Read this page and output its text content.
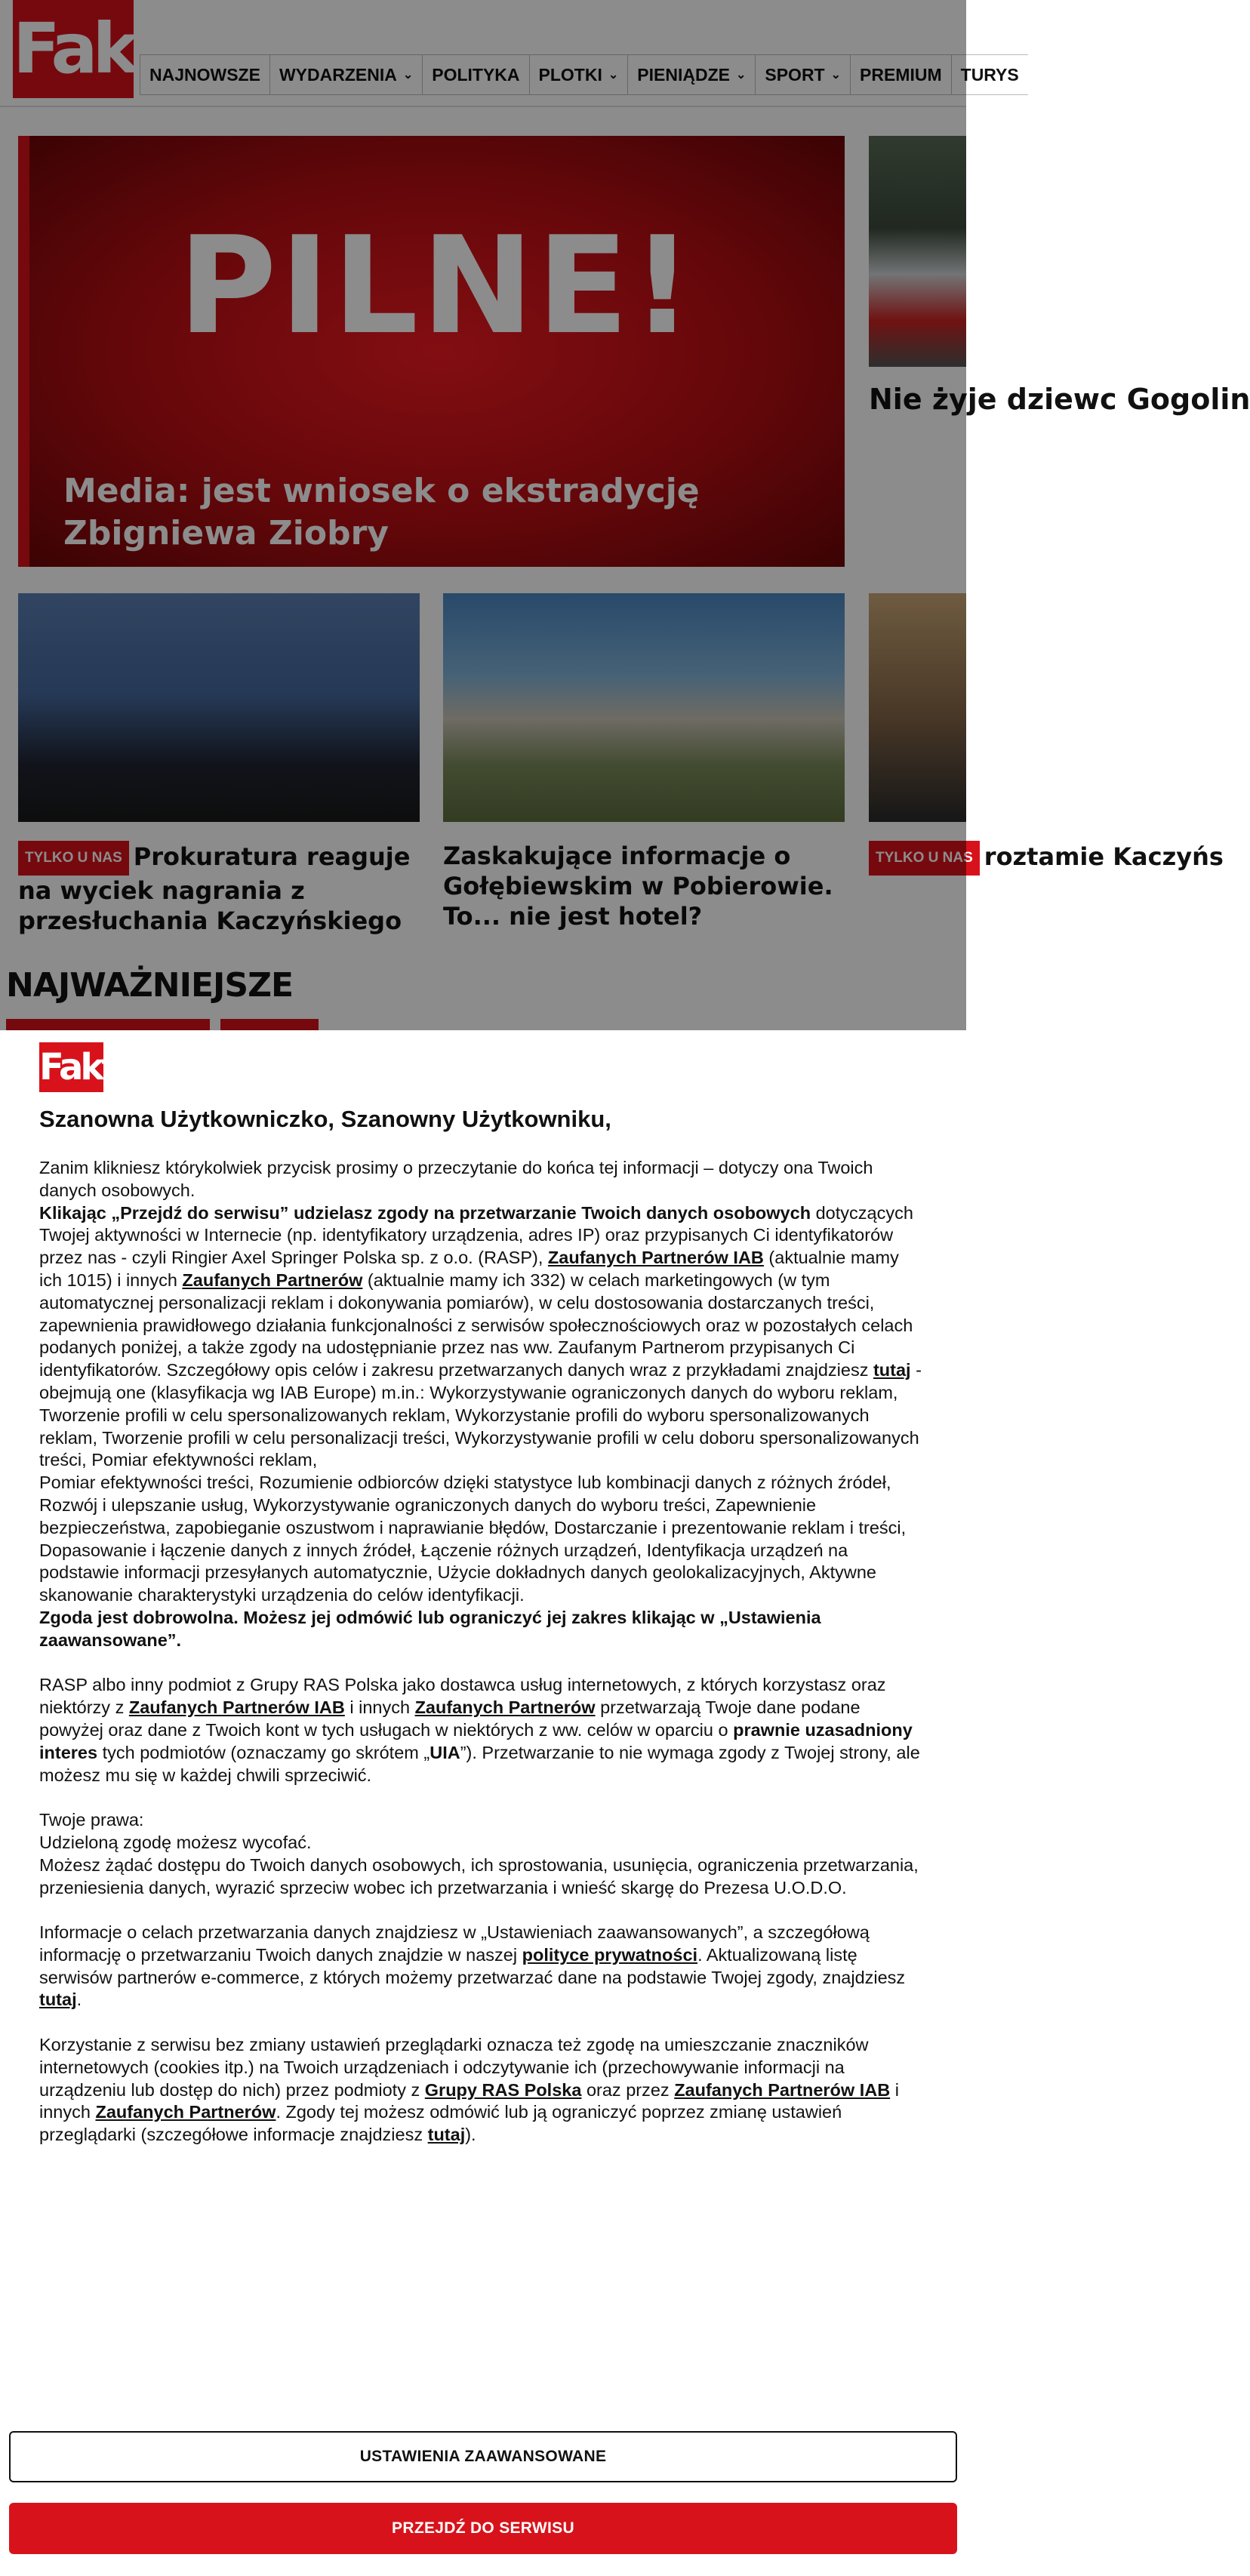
Fakt
NAJNOWSZE WYDARZENIA ⌄ POLITYKA PLOTKI ⌄ PIENIĄDZE ⌄ SPORT ⌄ PREMIUM TURYS
PILNE!
Media: jest wniosek o ekstradycję Zbigniewa Ziobry
Nie żyje dziewc Gogolin
TYLKO U NAS Prokuratura reaguje na wyciek nagrania z przesłuchania Kaczyńskiego
Zaskakujące informacje o Gołębiewskim w Pobierowie. To... nie jest hotel?
TYLKO U NAS roztamie Kaczyńs
NAJWAŻNIEJSZE
Fakt
Szanowna Użytkowniczko, Szanowny Użytkowniku,

Zanim klikniesz którykolwiek przycisk prosimy o przeczytanie do końca tej informacji – dotyczy ona Twoich danych osobowych.
Klikając „Przejdź do serwisu” udzielasz zgody na przetwarzanie Twoich danych osobowych dotyczących Twojej aktywności w Internecie (np. identyfikatory urządzenia, adres IP) oraz przypisanych Ci identyfikatorów przez nas - czyli Ringier Axel Springer Polska sp. z o.o. (RASP), Zaufanych Partnerów IAB (aktualnie mamy ich 1015) i innych Zaufanych Partnerów (aktualnie mamy ich 332) w celach marketingowych (w tym automatycznej personalizacji reklam i dokonywania pomiarów), w celu dostosowania dostarczanych treści, zapewnienia prawidłowego działania funkcjonalności z serwisów społecznościowych oraz w pozostałych celach podanych poniżej, a także zgody na udostępnianie przez nas ww. Zaufanym Partnerom przypisanych Ci identyfikatorów. Szczegółowy opis celów i zakresu przetwarzanych danych wraz z przykładami znajdziesz tutaj - obejmują one (klasyfikacja wg IAB Europe) m.in.: Wykorzystywanie ograniczonych danych do wyboru reklam, Tworzenie profili w celu spersonalizowanych reklam, Wykorzystanie profili do wyboru spersonalizowanych reklam, Tworzenie profili w celu personalizacji treści, Wykorzystywanie profili w celu doboru spersonalizowanych treści, Pomiar efektywności reklam,
Pomiar efektywności treści, Rozumienie odbiorców dzięki statystyce lub kombinacji danych z różnych źródeł, Rozwój i ulepszanie usług, Wykorzystywanie ograniczonych danych do wyboru treści, Zapewnienie bezpieczeństwa, zapobieganie oszustwom i naprawianie błędów, Dostarczanie i prezentowanie reklam i treści, Dopasowanie i łączenie danych z innych źródeł, Łączenie różnych urządzeń, Identyfikacja urządzeń na podstawie informacji przesyłanych automatycznie, Użycie dokładnych danych geolokalizacyjnych, Aktywne skanowanie charakterystyki urządzenia do celów identyfikacji.
Zgoda jest dobrowolna. Możesz jej odmówić lub ograniczyć jej zakres klikając w „Ustawienia zaawansowane”.

RASP albo inny podmiot z Grupy RAS Polska jako dostawca usług internetowych, z których korzystasz oraz niektórzy z Zaufanych Partnerów IAB i innych Zaufanych Partnerów przetwarzają Twoje dane podane powyżej oraz dane z Twoich kont w tych usługach w niektórych z ww. celów w oparciu o prawnie uzasadniony interes tych podmiotów (oznaczamy go skrótem „UIA”). Przetwarzanie to nie wymaga zgody z Twojej strony, ale możesz mu się w każdej chwili sprzeciwić.

Twoje prawa:
Udzieloną zgodę możesz wycofać.
Możesz żądać dostępu do Twoich danych osobowych, ich sprostowania, usunięcia, ograniczenia przetwarzania, przeniesienia danych, wyrazić sprzeciw wobec ich przetwarzania i wnieść skargę do Prezesa U.O.D.O.

Informacje o celach przetwarzania danych znajdziesz w „Ustawieniach zaawansowanych”, a szczegółową informację o przetwarzaniu Twoich danych znajdzie w naszej polityce prywatności. Aktualizowaną listę serwisów partnerów e-commerce, z których możemy przetwarzać dane na podstawie Twojej zgody, znajdziesz tutaj.

Korzystanie z serwisu bez zmiany ustawień przeglądarki oznacza też zgodę na umieszczanie znaczników internetowych (cookies itp.) na Twoich urządzeniach i odczytywanie ich (przechowywanie informacji na urządzeniu lub dostęp do nich) przez podmioty z Grupy RAS Polska oraz przez Zaufanych Partnerów IAB i innych Zaufanych Partnerów. Zgody tej możesz odmówić lub ją ograniczyć poprzez zmianę ustawień przeglądarki (szczegółowe informacje znajdziesz tutaj).

USTAWIENIA ZAAWANSOWANE
PRZEJDŹ DO SERWISU
